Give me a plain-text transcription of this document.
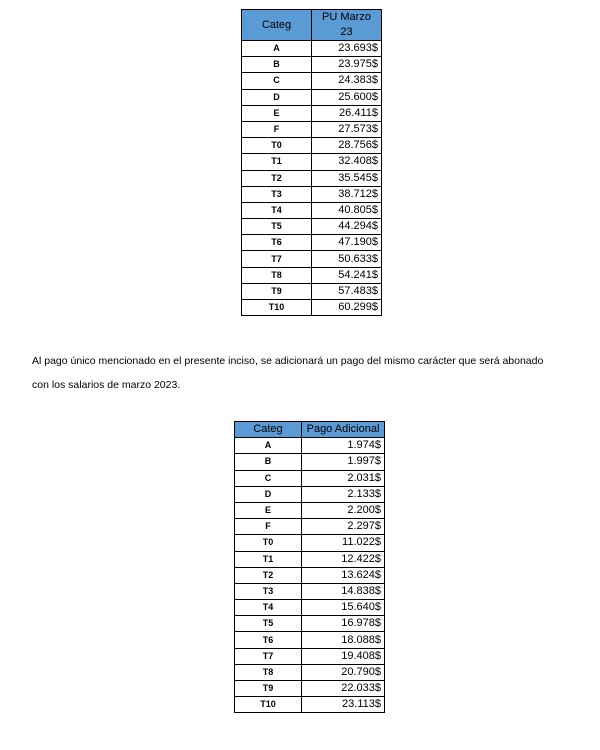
Categ	PU Marzo 23
A	23.693$
B	23.975$
C	24.383$
D	25.600$
E	26.411$
F	27.573$
T0	28.756$
T1	32.408$
T2	35.545$
T3	38.712$
T4	40.805$
T5	44.294$
T6	47.190$
T7	50.633$
T8	54.241$
T9	57.483$
T10	60.299$

Al pago único mencionado en el presente inciso, se adicionará un pago del mismo carácter que será abonado
con los salarios de marzo 2023.

Categ	Pago Adicional
A	1.974$
B	1.997$
C	2.031$
D	2.133$
E	2.200$
F	2.297$
T0	11.022$
T1	12.422$
T2	13.624$
T3	14.838$
T4	15.640$
T5	16.978$
T6	18.088$
T7	19.408$
T8	20.790$
T9	22.033$
T10	23.113$
